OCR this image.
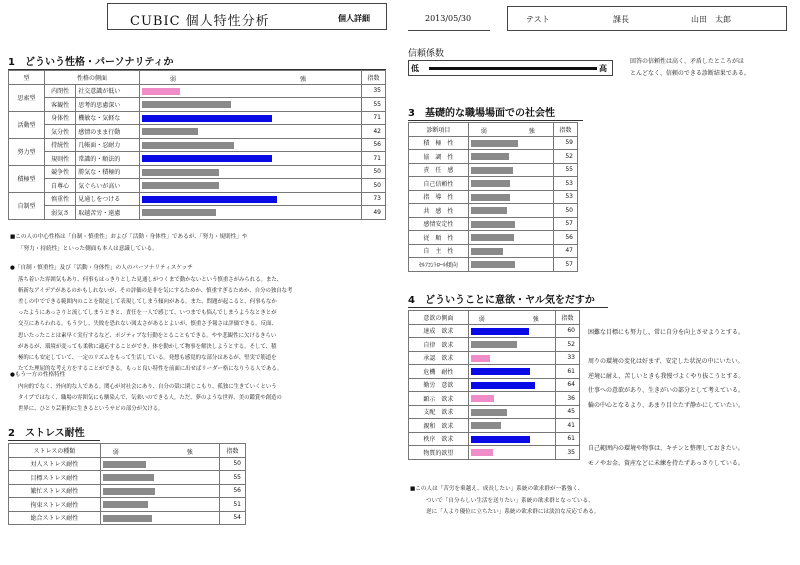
CUBIC 個人特性分析	個人詳細	2013/05/30	テスト	課長	山田　太郎
1　どういう性格・パーソナリティか
型	性格の側面		弱 強	指数
思索型	内閉性	社交意識が低い		35
	客観性	思考的思慮深い		55
活動型	身体性	機敏な・気軽な		71
	気分性	感情のまま行動		42
努力型	持続性	几帳面・忍耐力		56
	規則性	常識的・順法的		71
積極型	競争性	勝気な・積極的		50
	自尊心	気ぐらいが高い		50
自制型	慎重性	見通しをつける		73
	弱気さ	取越苦労・遠慮		49
■この人の中心性格は「自制・慎重性」および「活動・身体性」であるが、「努力・規則性」や
「努力・持続性」といった側面も本人は意識している。
●「自制・慎重性」及び「活動・身体性」の人のパーソナリティスケッチ
落ち着いた雰囲気もあり、何事もはっきりとした見通しがつくまで動かないという慎重さがみられる。また、
斬新なアイデアがあるのかもしれないが、その評価の是非を気にするためか、慎重すぎるためか、自分の独自な考
差しの中でできる範囲内のことを限定して表現してしまう傾向がある。また、問題が起こると、何事もなか
ったようにあっさりと流してしまうときと、責任を一人で感じて、いつまでも悩んでしまうようなときとが
交互にあらわれる。もう少し、失敗を恐れない図太さがあるとよいが、慎重さ予報さは評価できる。反面、
思いたったことは素早く実行するなど、ポジティブな行動をとることもできる。やや悲観性に欠けるきらい
があるが、環境が変っても柔軟に適応することができ、体を動かして物事を解決しようとする。そして、積
極的にも安定していて、一定のリズムをもって生活している。発想も感覚的な部分はあるが、堅実で筋道を
たてた理屈的な考え方をすることができる。もっと良い特性を前面に出せばリーダー格になりうる人である。
●もう一方の性格特性
内向的でなく、外向的な人である。関心が対社会にあり、自分の殻に閉じこもり、孤独に生きていくという
タイプではなく、職場の雰囲気にも馴染んで、気楽いのできる人。ただ、夢のような世界、美の鑑賞や創造の
世界に、ひとり芸術的に生きるというサビの部分が欠ける。
2　ストレス耐性
ストレスの種類	弱 強	指数
対人ストレス耐性		50
目標ストレス耐性		55
繁忙ストレス耐性		56
拘束ストレス耐性		51
総合ストレス耐性		54
信頼係数
低	高
回答の信頼性は高く、矛盾したところがほ
とんどなく、信頼のできる診断結果である。
3　基礎的な職場場面での社会性
診断項目	弱 強	指数
積　極　性		59
協　調　性		52
責　任　感		55
自己信頼性		53
指　導　性		53
共　感　性		50
感情安定性		57
従　順　性		56
自　主　性		47
ｾﾙﾌｺﾝﾄﾛｰﾙ傾向		57
4　どういうことに意欲・ヤル気をだすか
意欲の側面	弱 強	指数
達成　欲求		60
自律　欲求		52
承認　欲求		33
危機　耐性		61
勤労　意欲		64
顕示　欲求		36
支配　欲求		45
親和　欲求		41
秩序　欲求		61
物質的欲望		35
困難な目標にも努力し、常に自分を向上させようとする。
周りの環境の変化は好まず、安定した状況の中にいたい。
逆境に耐え、苦しいときも我慢づよくやり抜こうとする。
仕事への意欲があり、生きがいの部分として考えている。
輪の中心となるより、あまり目立たず静かにしていたい。
自己範囲内の環境や物事は、キチンと整理しておきたい。
モノやお金、資産などに未練を持たずあっさりしている。
■この人は「苦労を乗越え、成長したい」系統の欲求群が一番強く、
ついで「自分らしい生活を送りたい」系統の欲求群となっている、
逆に「人より優位に立ちたい」系統の欲求群には淡泊な反応である。
